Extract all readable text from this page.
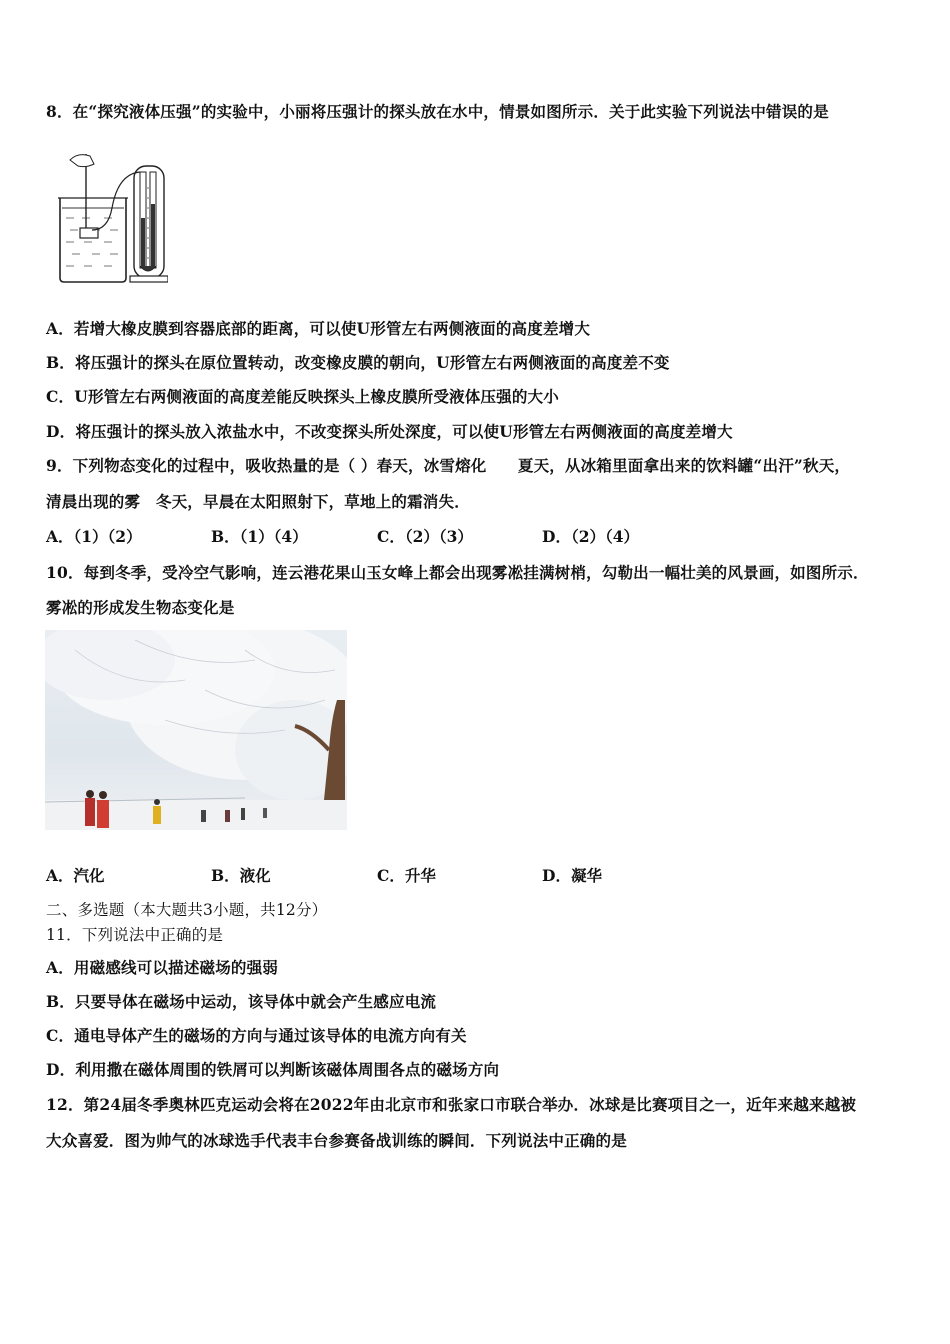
8．在“探究液体压强”的实验中，小丽将压强计的探头放在水中，情景如图所示．关于此实验下列说法中错误的是
A．若增大橡皮膜到容器底部的距离，可以使U形管左右两侧液面的高度差增大
B．将压强计的探头在原位置转动，改变橡皮膜的朝向，U形管左右两侧液面的高度差不变
C．U形管左右两侧液面的高度差能反映探头上橡皮膜所受液体压强的大小
D．将压强计的探头放入浓盐水中，不改变探头所处深度，可以使U形管左右两侧液面的高度差增大
9．下列物态变化的过程中，吸收热量的是（ ）春天，冰雪熔化　　夏天，从冰箱里面拿出来的饮料罐“出汗”秋天，
清晨出现的雾　冬天，早晨在太阳照射下，草地上的霜消失．
A．（1）（2）	B．（1）（4）	C．（2）（3）	D．（2）（4）
10．每到冬季，受冷空气影响，连云港花果山玉女峰上都会出现雾凇挂满树梢，勾勒出一幅壮美的风景画，如图所示．
雾凇的形成发生物态变化是
A．汽化	B．液化	C．升华	D．凝华
二、多选题（本大题共3小题，共12分）
11．下列说法中正确的是
A．用磁感线可以描述磁场的强弱
B．只要导体在磁场中运动，该导体中就会产生感应电流
C．通电导体产生的磁场的方向与通过该导体的电流方向有关
D．利用撒在磁体周围的铁屑可以判断该磁体周围各点的磁场方向
12．第24届冬季奥林匹克运动会将在2022年由北京市和张家口市联合举办．冰球是比赛项目之一，近年来越来越被
大众喜爱．图为帅气的冰球选手代表丰台参赛备战训练的瞬间．下列说法中正确的是
